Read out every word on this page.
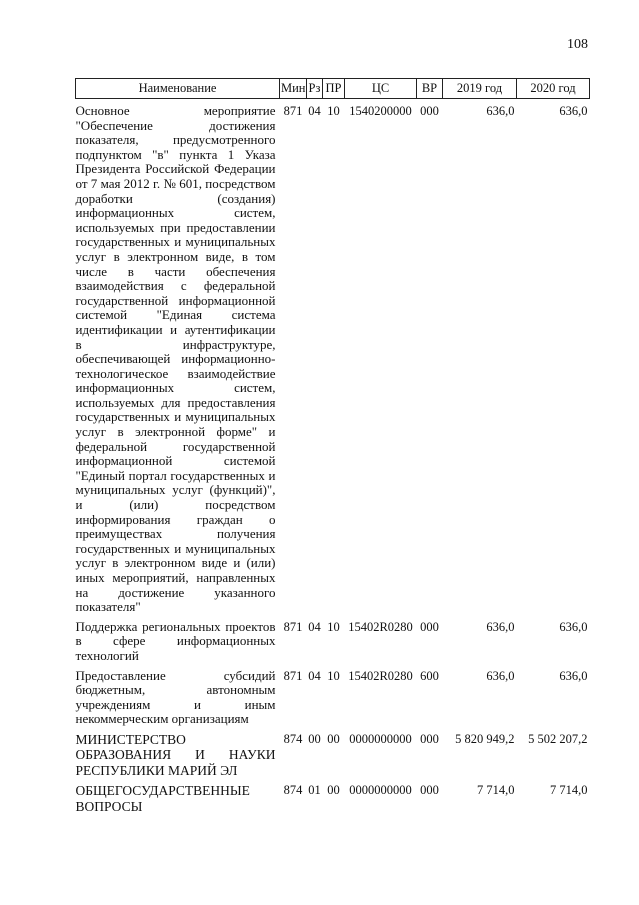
108
Наименование	Мин	Рз	ПР	ЦС	ВР	2019 год	2020 год
Основное мероприятие "Обеспечение достижения показателя, предусмотренного подпунктом "в" пункта 1 Указа Президента Российской Федерации от 7 мая 2012 г. № 601, посредством доработки (создания) информационных систем, используемых при предоставлении государственных и муниципальных услуг в электронном виде, в том числе в части обеспечения взаимодействия с федеральной государственной информационной системой "Единая система идентификации и аутентификации в инфраструктуре, обеспечивающей информационно-технологическое взаимодействие информационных систем, используемых для предоставления государственных и муниципальных услуг в электронной форме" и федеральной государственной информационной системой "Единый портал государственных и муниципальных услуг (функций)", и (или) посредством информирования граждан о преимуществах получения государственных и муниципальных услуг в электронном виде и (или) иных мероприятий, направленных на достижение указанного показателя"	871	04	10	1540200000	000	636,0	636,0
Поддержка региональных проектов в сфере информационных технологий	871	04	10	15402R0280	000	636,0	636,0
Предоставление субсидий бюджетным, автономным учреждениям и иным некоммерческим организациям	871	04	10	15402R0280	600	636,0	636,0
МИНИСТЕРСТВО ОБРАЗОВАНИЯ И НАУКИ РЕСПУБЛИКИ МАРИЙ ЭЛ	874	00	00	0000000000	000	5 820 949,2	5 502 207,2
ОБЩЕГОСУДАРСТВЕННЫЕ ВОПРОСЫ	874	01	00	0000000000	000	7 714,0	7 714,0
